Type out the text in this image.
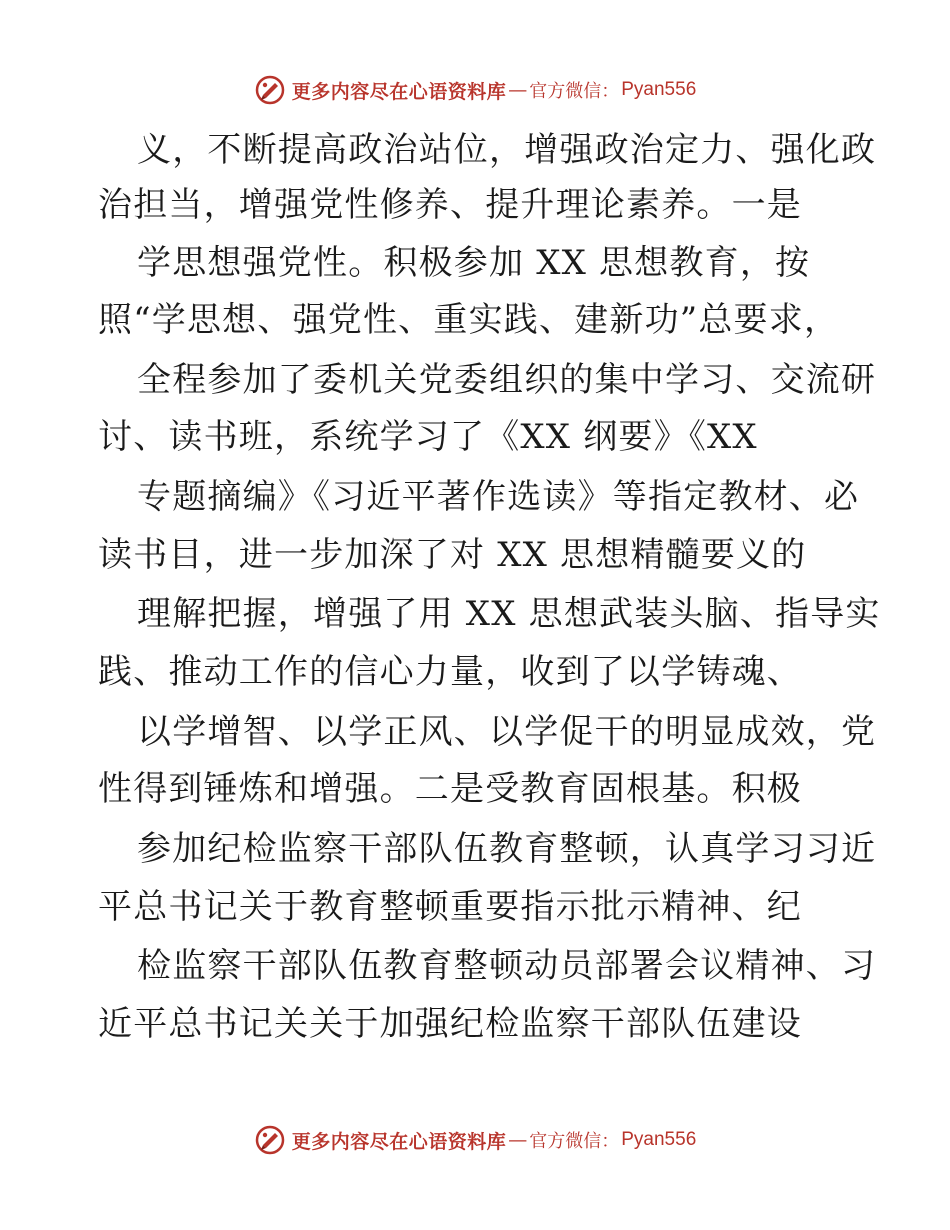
更多内容尽在心语资料库 — 官方微信： Pyan556
义，不断提高政治站位，增强政治定力、强化政
治担当，增强党性修养、提升理论素养。一是
学思想强党性。积极参加 XX 思想教育，按
照“学思想、强党性、重实践、建新功”总要求，
全程参加了委机关党委组织的集中学习、交流研
讨、读书班，系统学习了《XX 纲要》《XX
专题摘编》《习近平著作选读》等指定教材、必
读书目，进一步加深了对 XX 思想精髓要义的
理解把握，增强了用 XX 思想武装头脑、指导实
践、推动工作的信心力量，收到了以学铸魂、
以学增智、以学正风、以学促干的明显成效，党
性得到锤炼和增强。二是受教育固根基。积极
参加纪检监察干部队伍教育整顿，认真学习习近
平总书记关于教育整顿重要指示批示精神、纪
检监察干部队伍教育整顿动员部署会议精神、习
近平总书记关关于加强纪检监察干部队伍建设
更多内容尽在心语资料库 — 官方微信： Pyan556
